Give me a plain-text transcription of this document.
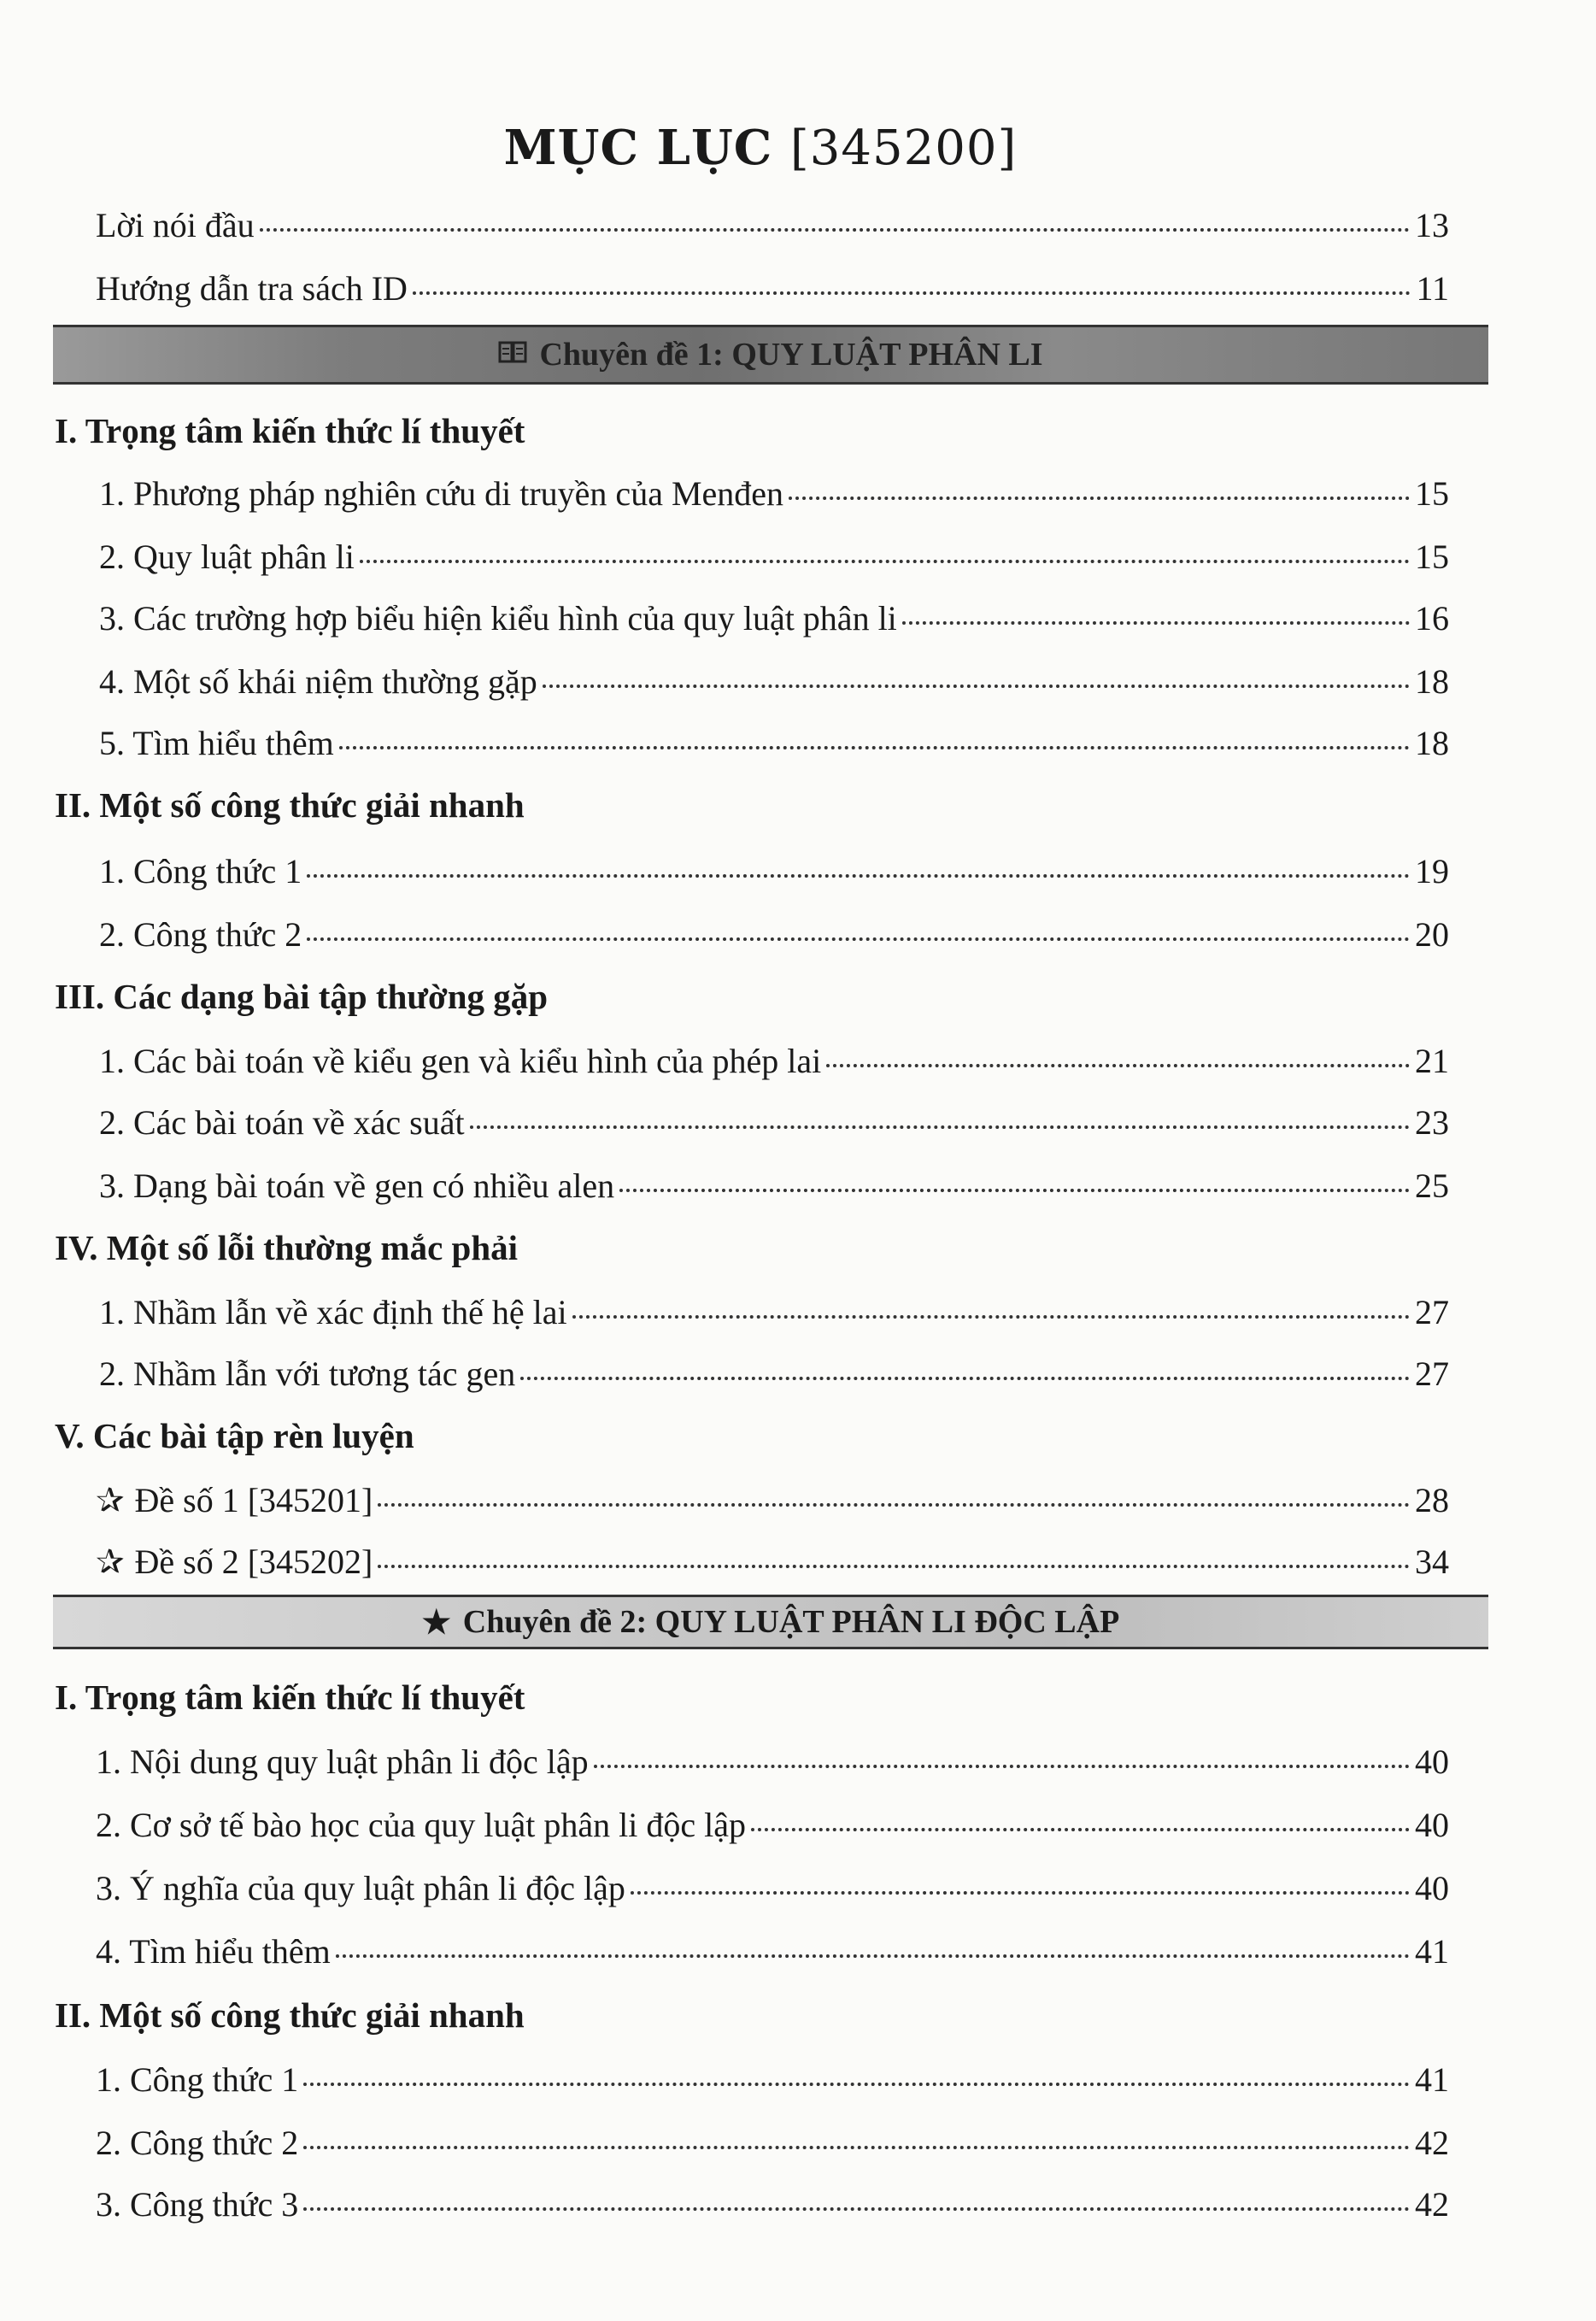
MỤC LỤC [345200]
Lời nói đầu	13
Hướng dẫn tra sách ID	11
Chuyên đề 1: QUY LUẬT PHÂN LI
I. Trọng tâm kiến thức lí thuyết
1. Phương pháp nghiên cứu di truyền của Menđen	15
2. Quy luật phân li	15
3. Các trường hợp biểu hiện kiểu hình của quy luật phân li	16
4. Một số khái niệm thường gặp	18
5. Tìm hiểu thêm	18
II. Một số công thức giải nhanh
1. Công thức 1	19
2. Công thức 2	20
III. Các dạng bài tập thường gặp
1. Các bài toán về kiểu gen và kiểu hình của phép lai	21
2. Các bài toán về xác suất	23
3. Dạng bài toán về gen có nhiều alen	25
IV. Một số lỗi thường mắc phải
1. Nhầm lẫn về xác định thế hệ lai	27
2. Nhầm lẫn với tương tác gen	27
V. Các bài tập rèn luyện
✰ Đề số 1 [345201]	28
✰ Đề số 2 [345202]	34
★ Chuyên đề 2: QUY LUẬT PHÂN LI ĐỘC LẬP
I. Trọng tâm kiến thức lí thuyết
1. Nội dung quy luật phân li độc lập	40
2. Cơ sở tế bào học của quy luật phân li độc lập	40
3. Ý nghĩa của quy luật phân li độc lập	40
4. Tìm hiểu thêm	41
II. Một số công thức giải nhanh
1. Công thức 1	41
2. Công thức 2	42
3. Công thức 3	42
